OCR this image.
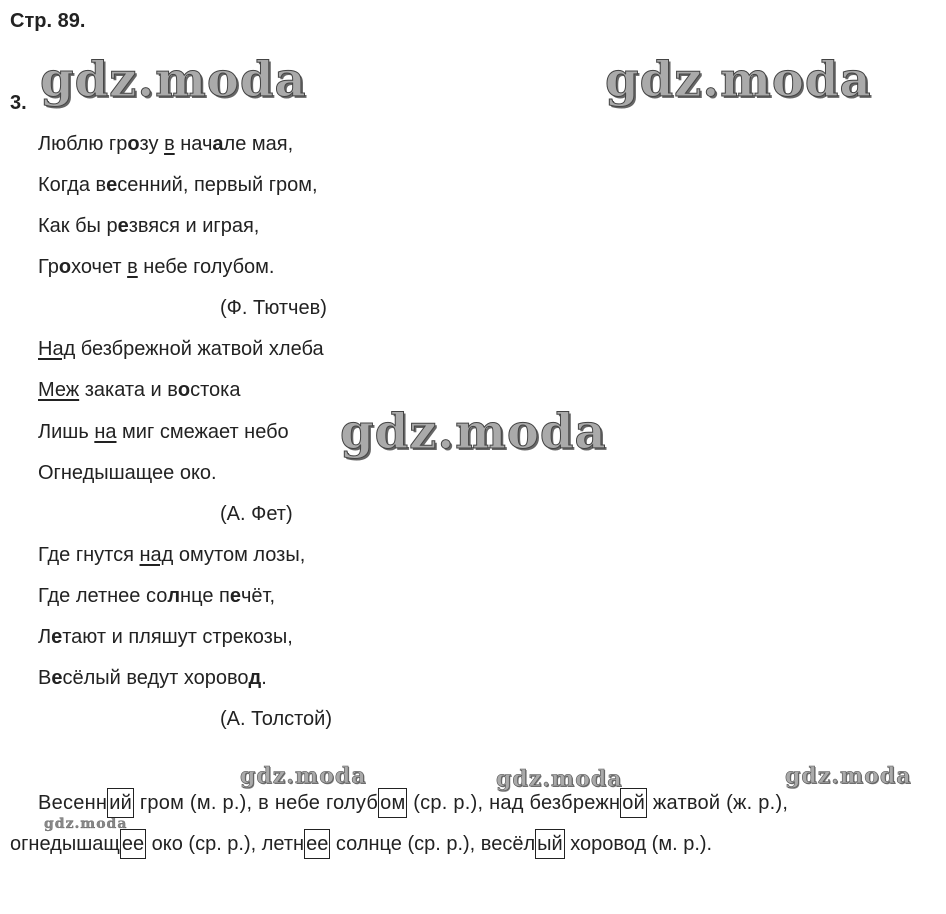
Стр. 89.
3. gdz.moda	gdz.moda
gdz.moda
gdz.moda	gdz.moda	gdz.moda
gdz.moda
Люблю грозу в начале мая,
Когда весенний, первый гром,
Как бы резвяся и играя,
Грохочет в небе голубом.
(Ф. Тютчев)
Над безбрежной жатвой хлеба
Меж заката и востока
Лишь на миг смежает небо
Огнедышащее око.
(А. Фет)
Где гнутся над омутом лозы,
Где летнее солнце печёт,
Летают и пляшут стрекозы,
Весёлый ведут хоровод.
(А. Толстой)
Весенн ий гром (м. р.), в небе голуб ом (ср. р.), над безбрежн ой жатвой (ж. р.),
огнедышащ ее око (ср. р.), летн ее солнце (ср. р.), весёл ый хоровод (м. р.).
